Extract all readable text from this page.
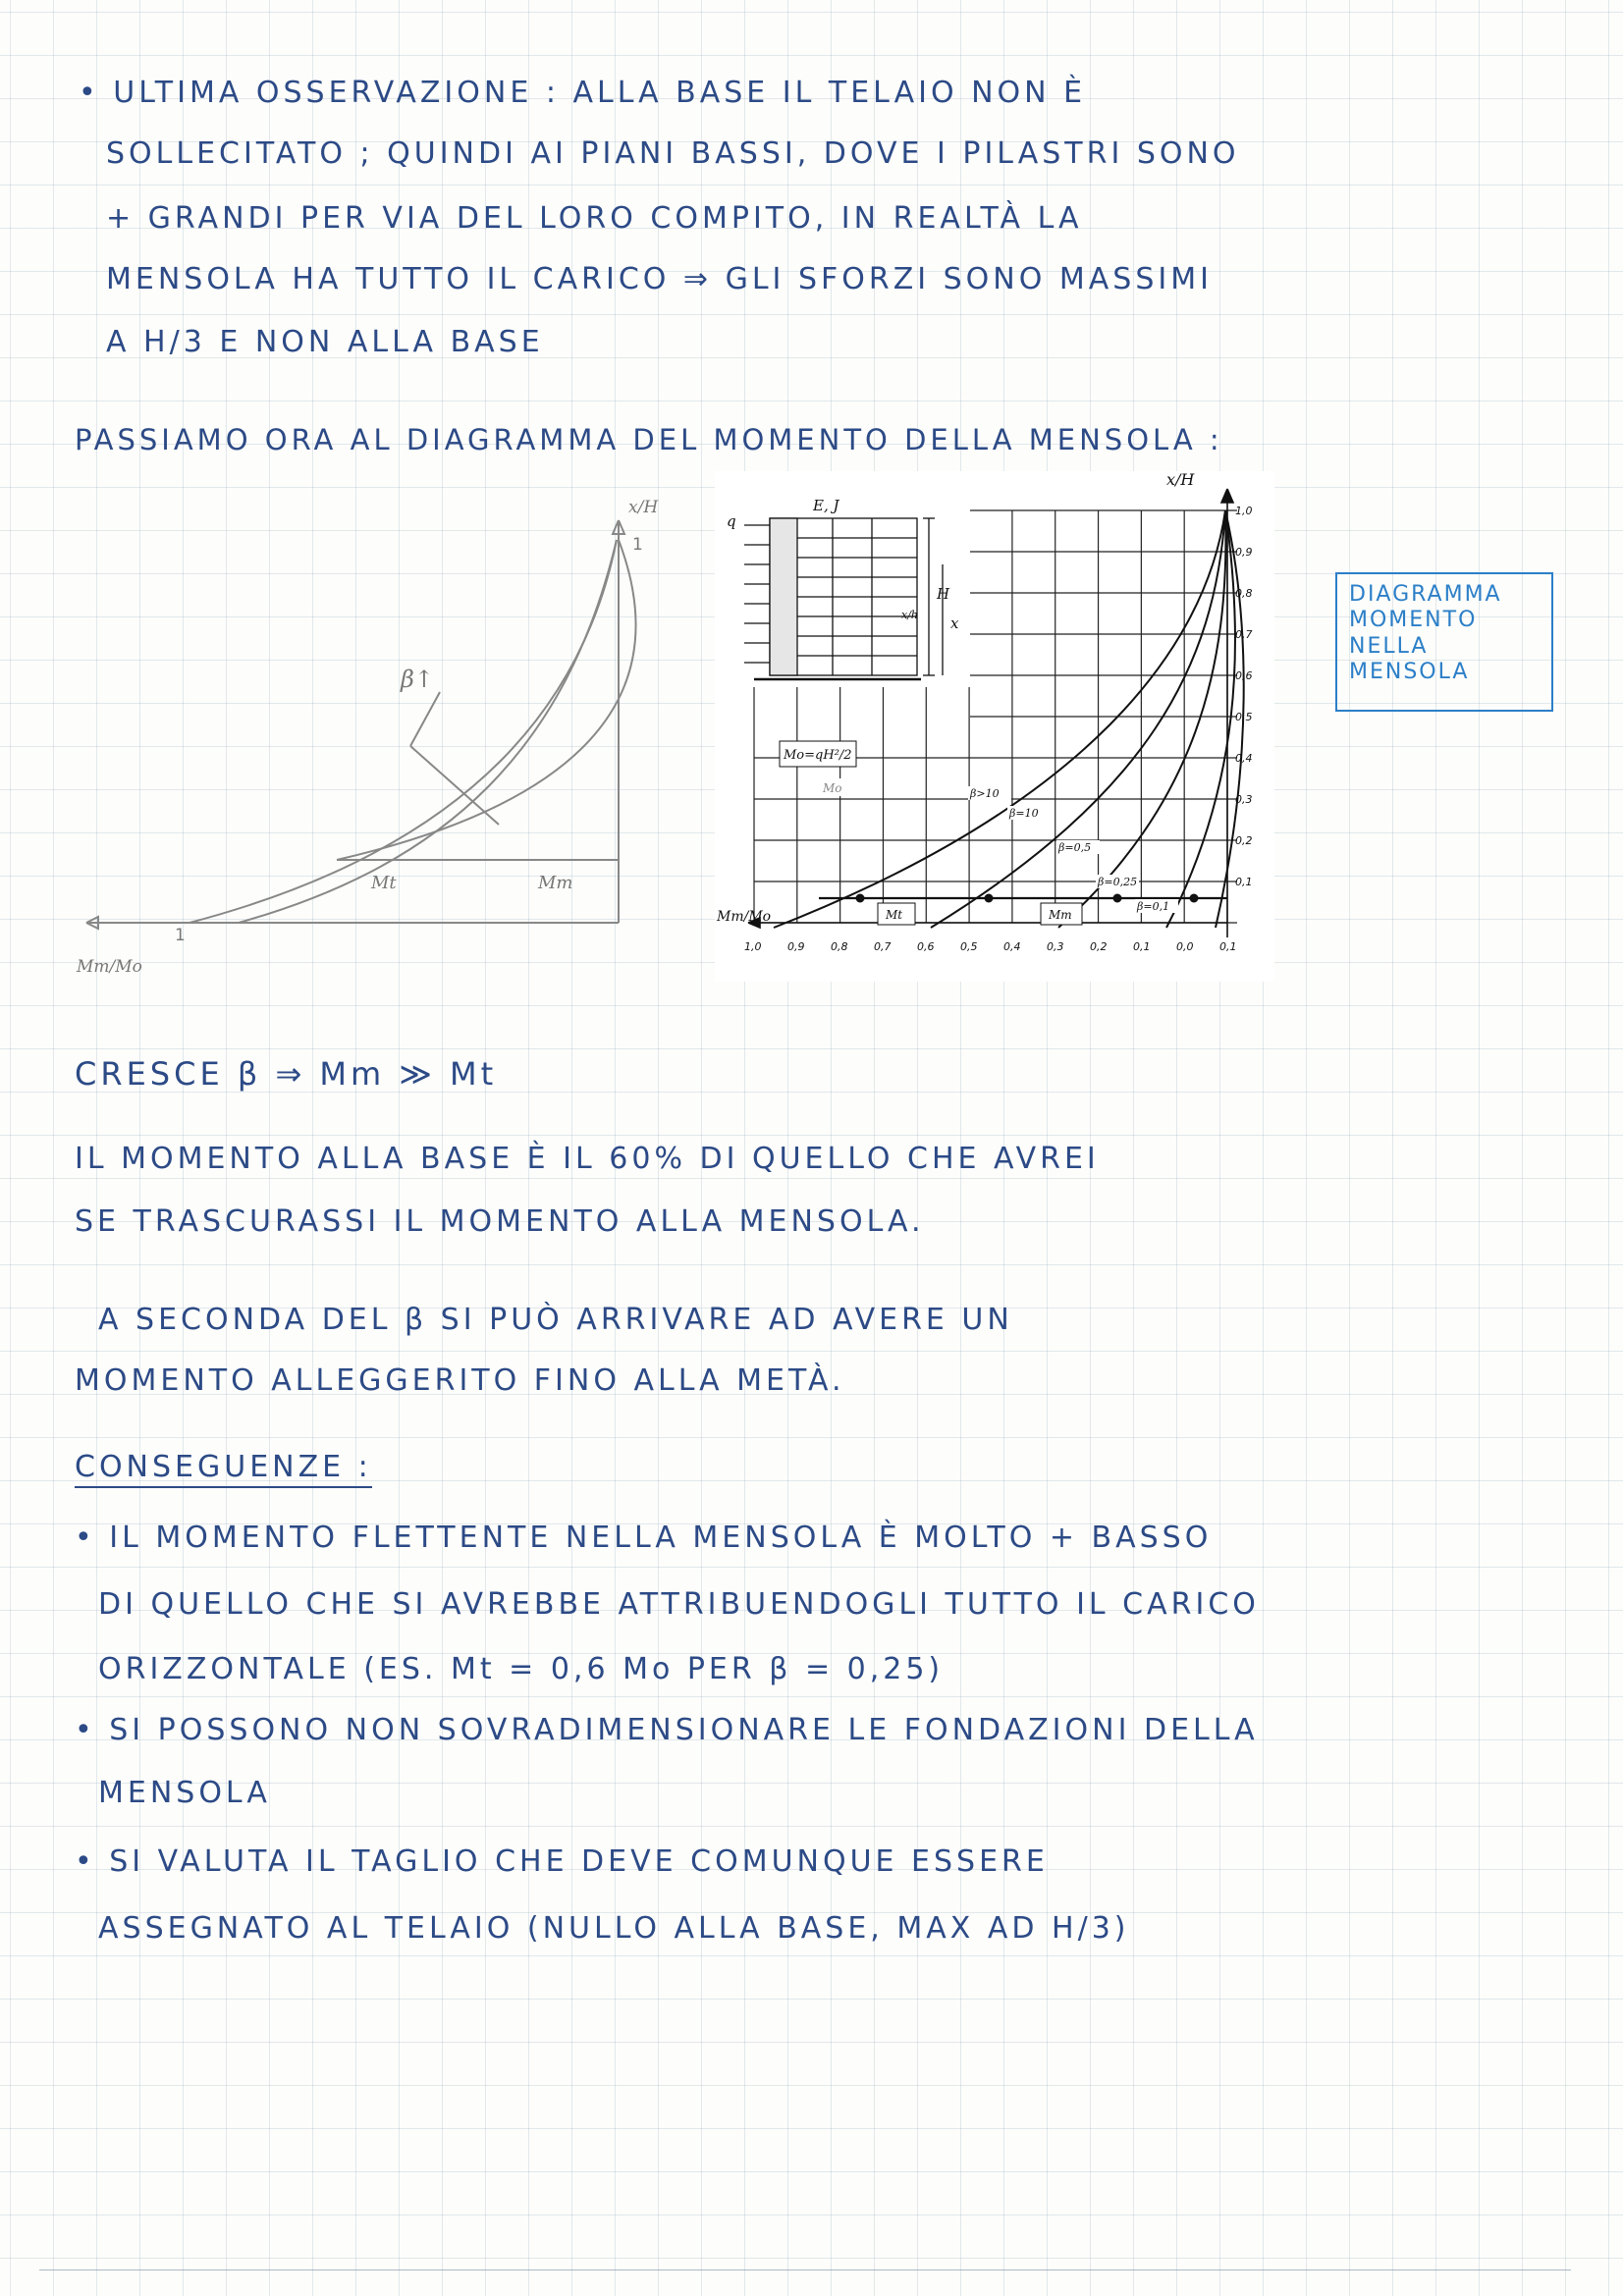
• ULTIMA OSSERVAZIONE : ALLA BASE IL TELAIO NON È
SOLLECITATO ; QUINDI AI PIANI BASSI, DOVE I PILASTRI SONO
+ GRANDI PER VIA DEL LORO COMPITO, IN REALTÀ LA
MENSOLA HA TUTTO IL CARICO ⇒ GLI SFORZI SONO MASSIMI
A H/3 E NON ALLA BASE
PASSIAMO ORA AL DIAGRAMMA DEL MOMENTO DELLA MENSOLA :
x/H
1
1
Mm/Mo
β↑
Mt	Mm
E, J
q
H
x
x/h
x/H
Mm/Mo
Mo=qH²/2
Mo
Mt	Mm
β>10
β=10
β=0,5
β=0,25
β=0,1
1,0 0,9 0,8 0,7 0,6 0,5 0,4 0,3 0,2 0,1 0,0 0,1
1,0
0,9
0,8
0,7
0,6
0,5
0,4
0,3
0,2
0,1
DIAGRAMMA
MOMENTO
NELLA
MENSOLA
CRESCE β ⇒ Mm ≫ Mt
IL MOMENTO ALLA BASE È IL 60% DI QUELLO CHE AVREI
SE TRASCURASSI IL MOMENTO ALLA MENSOLA.
A SECONDA DEL β SI PUÒ ARRIVARE AD AVERE UN
MOMENTO ALLEGGERITO FINO ALLA METÀ.
CONSEGUENZE :
• IL MOMENTO FLETTENTE NELLA MENSOLA È MOLTO + BASSO
DI QUELLO CHE SI AVREBBE ATTRIBUENDOGLI TUTTO IL CARICO
ORIZZONTALE (ES. Mt = 0,6 Mo PER β = 0,25)
• SI POSSONO NON SOVRADIMENSIONARE LE FONDAZIONI DELLA
MENSOLA
• SI VALUTA IL TAGLIO CHE DEVE COMUNQUE ESSERE
ASSEGNATO AL TELAIO (NULLO ALLA BASE, MAX AD H/3)
